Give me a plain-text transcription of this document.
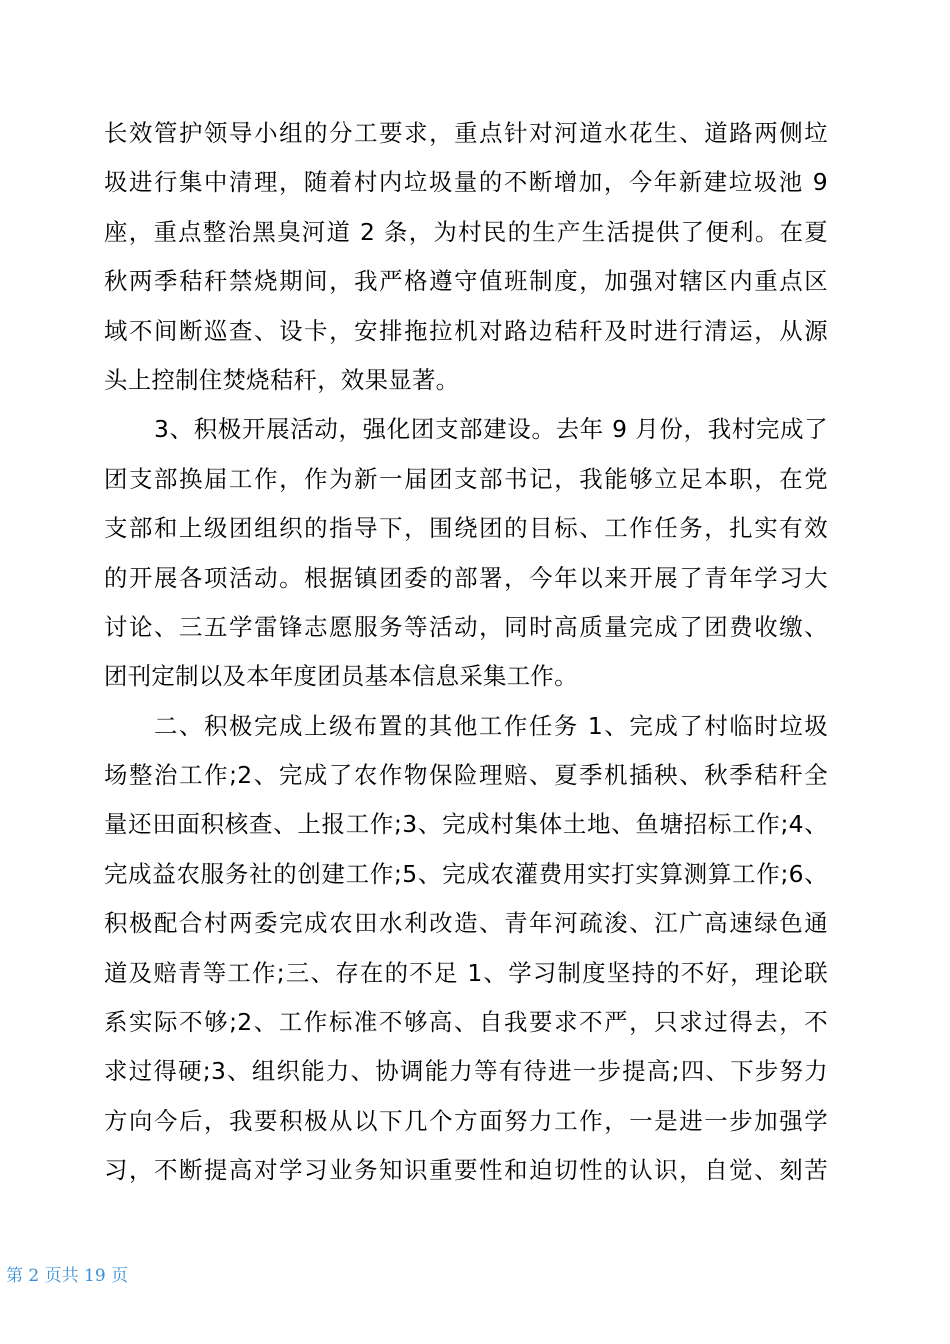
长效管护领导小组的分工要求，重点针对河道水花生、道路两侧垃
圾进行集中清理，随着村内垃圾量的不断增加，今年新建垃圾池 9
座，重点整治黑臭河道 2 条，为村民的生产生活提供了便利。在夏
秋两季秸秆禁烧期间，我严格遵守值班制度，加强对辖区内重点区
域不间断巡查、设卡，安排拖拉机对路边秸秆及时进行清运，从源
头上控制住焚烧秸秆，效果显著。
3、积极开展活动，强化团支部建设。去年 9 月份，我村完成了
团支部换届工作，作为新一届团支部书记，我能够立足本职，在党
支部和上级团组织的指导下，围绕团的目标、工作任务，扎实有效
的开展各项活动。根据镇团委的部署，今年以来开展了青年学习大
讨论、三五学雷锋志愿服务等活动，同时高质量完成了团费收缴、
团刊定制以及本年度团员基本信息采集工作。
二、积极完成上级布置的其他工作任务 1、完成了村临时垃圾
场整治工作;2、完成了农作物保险理赔、夏季机插秧、秋季秸秆全
量还田面积核查、上报工作;3、完成村集体土地、鱼塘招标工作;4、
完成益农服务社的创建工作;5、完成农灌费用实打实算测算工作;6、
积极配合村两委完成农田水利改造、青年河疏浚、江广高速绿色通
道及赔青等工作;三、存在的不足 1、学习制度坚持的不好，理论联
系实际不够;2、工作标准不够高、自我要求不严，只求过得去，不
求过得硬;3、组织能力、协调能力等有待进一步提高;四、下步努力
方向今后，我要积极从以下几个方面努力工作，一是进一步加强学
习，不断提高对学习业务知识重要性和迫切性的认识，自觉、刻苦
第 2 页共 19 页
